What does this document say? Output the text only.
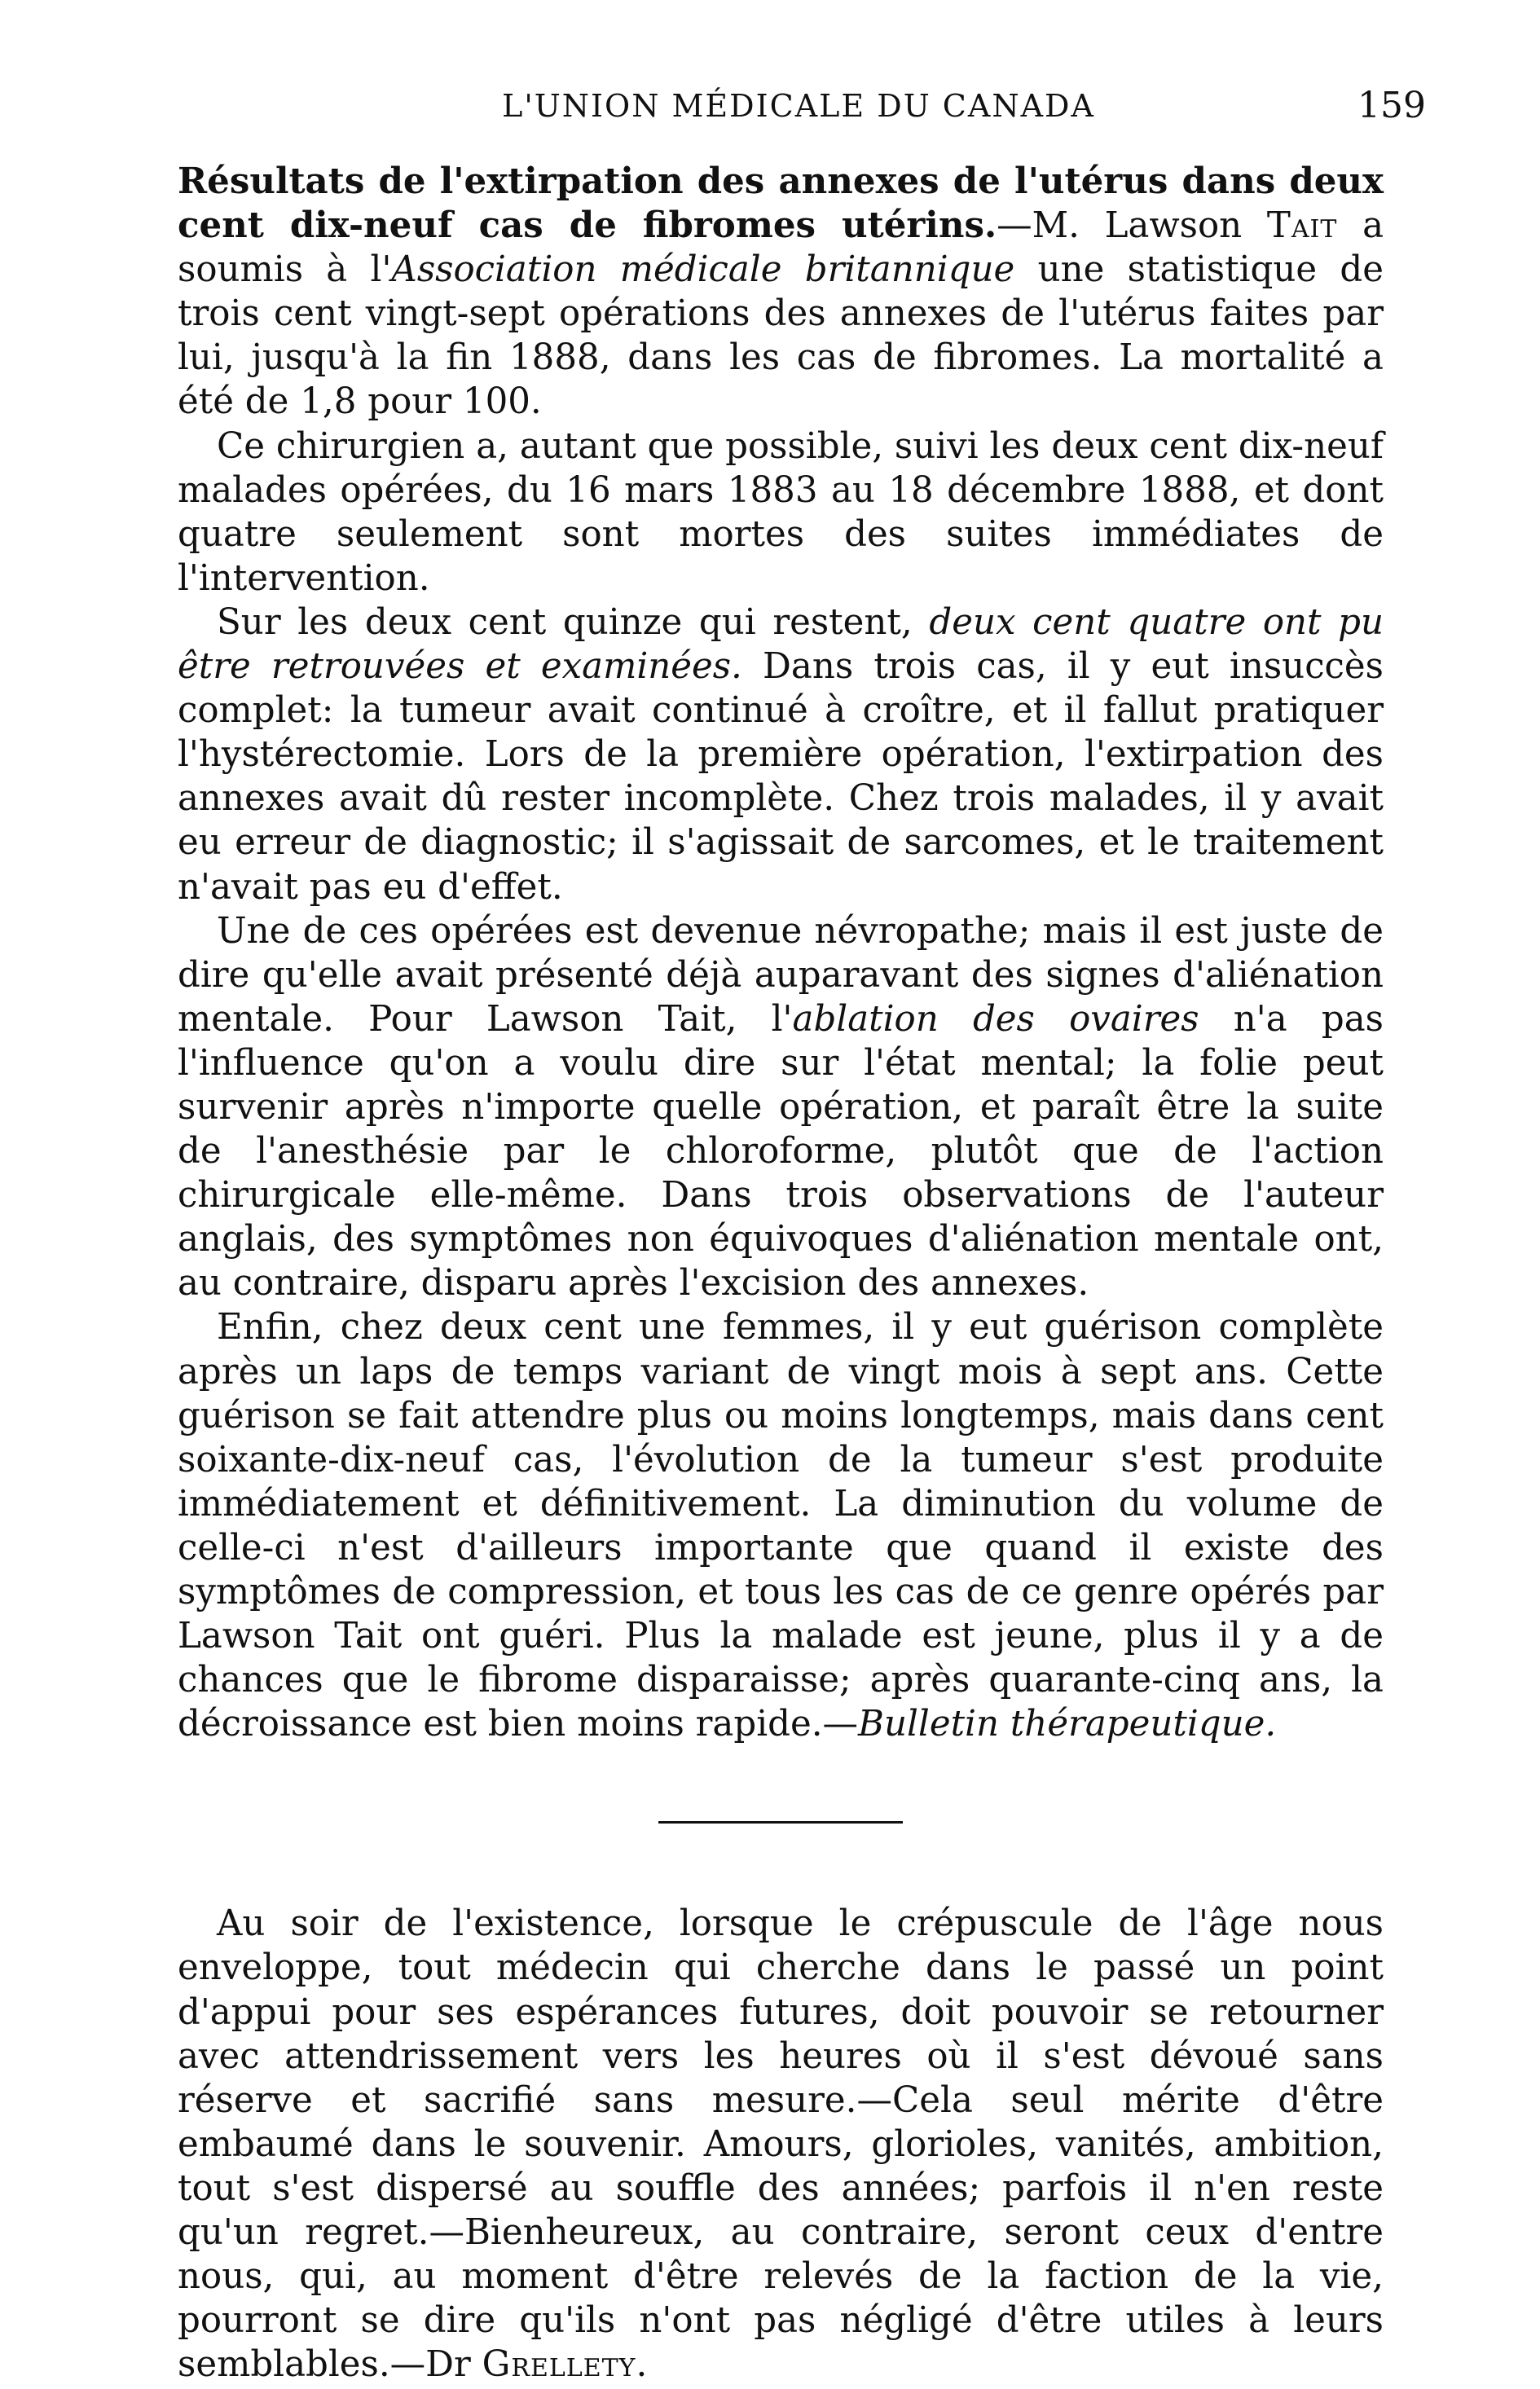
L'UNION MÉDICALE DU CANADA	159

Résultats de l'extirpation des annexes de l'utérus dans deux cent dix-neuf cas de fibromes utérins.—M. Lawson Tait a soumis à l'Association médicale britannique une statistique de trois cent vingt-sept opérations des annexes de l'utérus faites par lui, jusqu'à la fin 1888, dans les cas de fibromes. La mortalité a été de 1,8 pour 100.

Ce chirurgien a, autant que possible, suivi les deux cent dix-neuf malades opérées, du 16 mars 1883 au 18 décembre 1888, et dont quatre seulement sont mortes des suites immédiates de l'intervention.

Sur les deux cent quinze qui restent, deux cent quatre ont pu être retrouvées et examinées. Dans trois cas, il y eut insuccès complet: la tumeur avait continué à croître, et il fallut pratiquer l'hystérectomie. Lors de la première opération, l'extirpation des annexes avait dû rester incomplète. Chez trois malades, il y avait eu erreur de diagnostic; il s'agissait de sarcomes, et le traitement n'avait pas eu d'effet.

Une de ces opérées est devenue névropathe; mais il est juste de dire qu'elle avait présenté déjà auparavant des signes d'aliénation mentale. Pour Lawson Tait, l'ablation des ovaires n'a pas l'influence qu'on a voulu dire sur l'état mental; la folie peut survenir après n'importe quelle opération, et paraît être la suite de l'anesthésie par le chloroforme, plutôt que de l'action chirurgicale elle-même. Dans trois observations de l'auteur anglais, des symptômes non équivoques d'aliénation mentale ont, au contraire, disparu après l'excision des annexes.

Enfin, chez deux cent une femmes, il y eut guérison complète après un laps de temps variant de vingt mois à sept ans. Cette guérison se fait attendre plus ou moins longtemps, mais dans cent soixante-dix-neuf cas, l'évolution de la tumeur s'est produite immédiatement et définitivement. La diminution du volume de celle-ci n'est d'ailleurs importante que quand il existe des symptômes de compression, et tous les cas de ce genre opérés par Lawson Tait ont guéri. Plus la malade est jeune, plus il y a de chances que le fibrome disparaisse; après quarante-cinq ans, la décroissance est bien moins rapide.—Bulletin thérapeutique.

Au soir de l'existence, lorsque le crépuscule de l'âge nous enveloppe, tout médecin qui cherche dans le passé un point d'appui pour ses espérances futures, doit pouvoir se retourner avec attendrissement vers les heures où il s'est dévoué sans réserve et sacrifié sans mesure.—Cela seul mérite d'être embaumé dans le souvenir. Amours, glorioles, vanités, ambition, tout s'est dispersé au souffle des années; parfois il n'en reste qu'un regret.—Bienheureux, au contraire, seront ceux d'entre nous, qui, au moment d'être relevés de la faction de la vie, pourront se dire qu'ils n'ont pas négligé d'être utiles à leurs semblables.—Dr Grellety.
